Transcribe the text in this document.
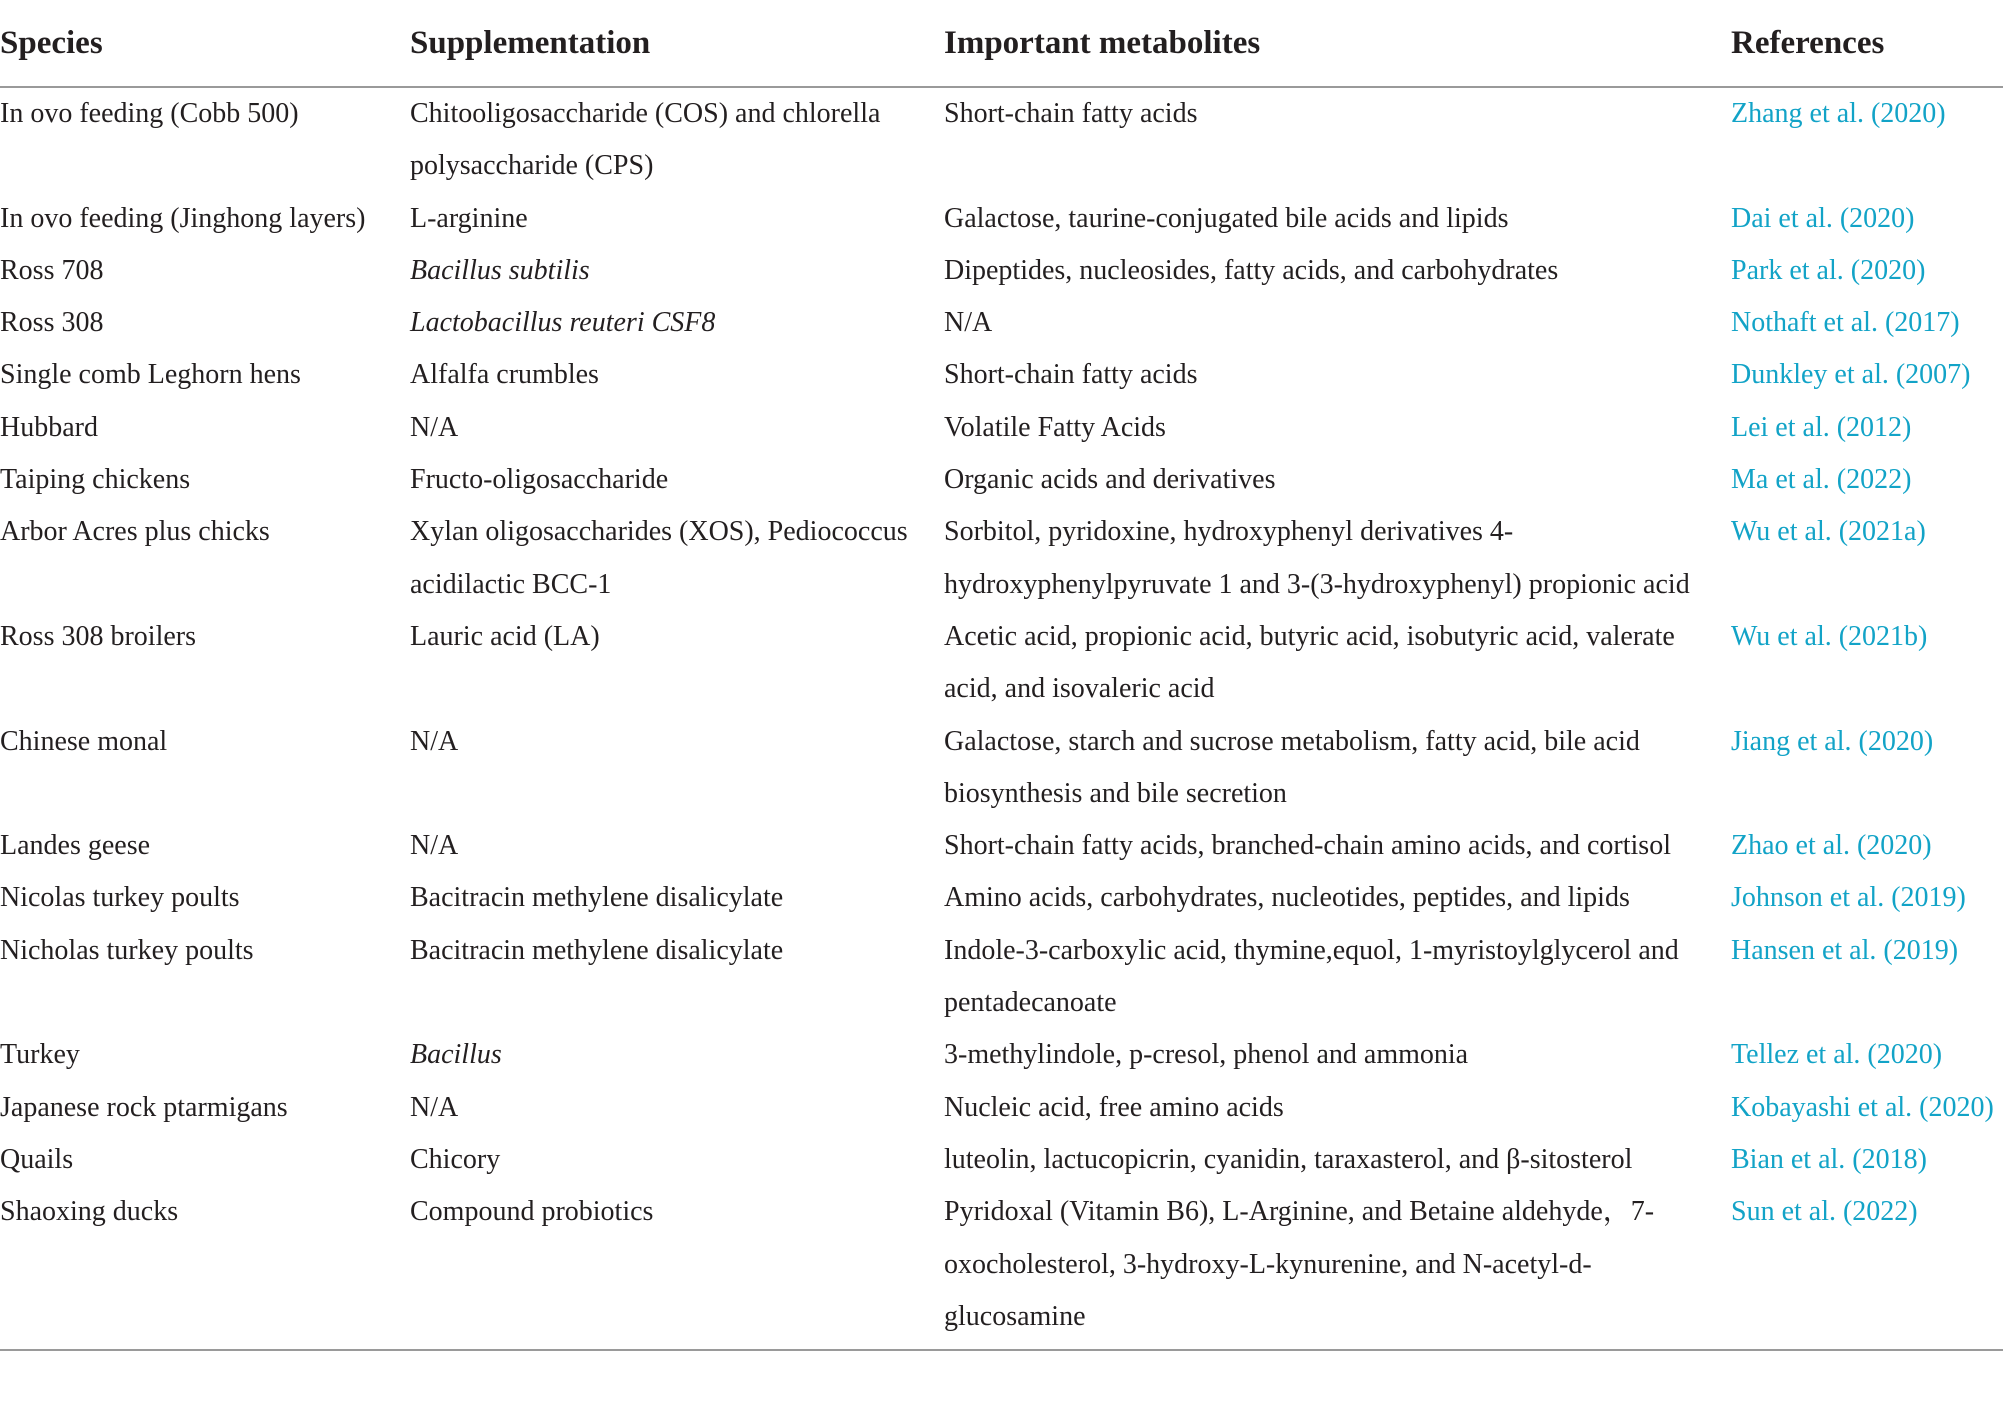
Species	Supplementation	Important metabolites	References
In ovo feeding (Cobb 500)	Chitooligosaccharide (COS) and chlorella polysaccharide (CPS)	Short-chain fatty acids	Zhang et al. (2020)
In ovo feeding (Jinghong layers)	L-arginine	Galactose, taurine-conjugated bile acids and lipids	Dai et al. (2020)
Ross 708	Bacillus subtilis	Dipeptides, nucleosides, fatty acids, and carbohydrates	Park et al. (2020)
Ross 308	Lactobacillus reuteri CSF8	N/A	Nothaft et al. (2017)
Single comb Leghorn hens	Alfalfa crumbles	Short-chain fatty acids	Dunkley et al. (2007)
Hubbard	N/A	Volatile Fatty Acids	Lei et al. (2012)
Taiping chickens	Fructo-oligosaccharide	Organic acids and derivatives	Ma et al. (2022)
Arbor Acres plus chicks	Xylan oligosaccharides (XOS), Pediococcus acidilactic BCC-1	Sorbitol, pyridoxine, hydroxyphenyl derivatives 4-hydroxyphenylpyruvate 1 and 3-(3-hydroxyphenyl) propionic acid	Wu et al. (2021a)
Ross 308 broilers	Lauric acid (LA)	Acetic acid, propionic acid, butyric acid, isobutyric acid, valerate acid, and isovaleric acid	Wu et al. (2021b)
Chinese monal	N/A	Galactose, starch and sucrose metabolism, fatty acid, bile acid biosynthesis and bile secretion	Jiang et al. (2020)
Landes geese	N/A	Short-chain fatty acids, branched-chain amino acids, and cortisol	Zhao et al. (2020)
Nicolas turkey poults	Bacitracin methylene disalicylate	Amino acids, carbohydrates, nucleotides, peptides, and lipids	Johnson et al. (2019)
Nicholas turkey poults	Bacitracin methylene disalicylate	Indole-3-carboxylic acid, thymine,equol, 1-myristoylglycerol and pentadecanoate	Hansen et al. (2019)
Turkey	Bacillus	3-methylindole, p-cresol, phenol and ammonia	Tellez et al. (2020)
Japanese rock ptarmigans	N/A	Nucleic acid, free amino acids	Kobayashi et al. (2020)
Quails	Chicory	luteolin, lactucopicrin, cyanidin, taraxasterol, and β-sitosterol	Bian et al. (2018)
Shaoxing ducks	Compound probiotics	Pyridoxal (Vitamin B6), L-Arginine, and Betaine aldehyde，7-oxocholesterol, 3-hydroxy-L-kynurenine, and N-acetyl-d-glucosamine	Sun et al. (2022)
